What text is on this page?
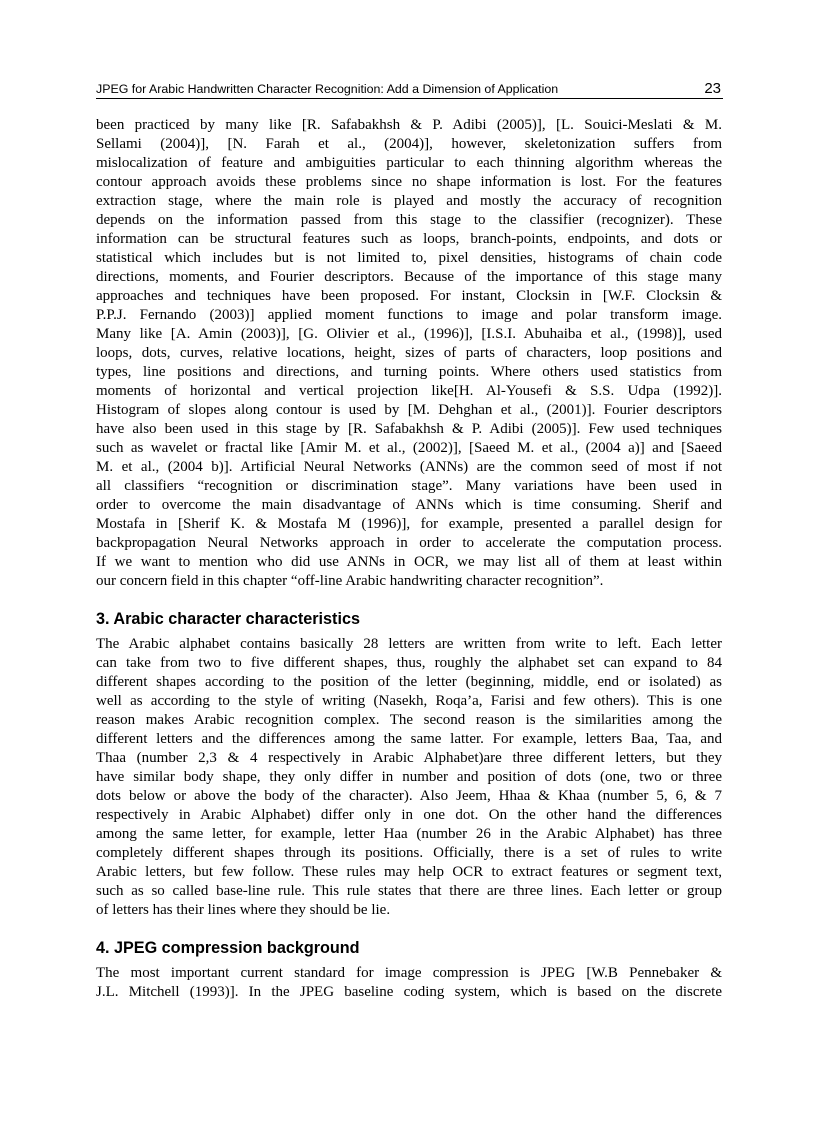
JPEG for Arabic Handwritten Character Recognition: Add a Dimension of Application	23
been practiced by many like [R. Safabakhsh & P. Adibi (2005)], [L. Souici-Meslati & M.
Sellami (2004)], [N. Farah et al., (2004)], however, skeletonization suffers from
mislocalization of feature and ambiguities particular to each thinning algorithm whereas the
contour approach avoids these problems since no shape information is lost. For the features
extraction stage, where the main role is played and mostly the accuracy of recognition
depends on the information passed from this stage to the classifier (recognizer). These
information can be structural features such as loops, branch-points, endpoints, and dots or
statistical which includes but is not limited to, pixel densities, histograms of chain code
directions, moments, and Fourier descriptors. Because of the importance of this stage many
approaches and techniques have been proposed. For instant, Clocksin in [W.F. Clocksin &
P.P.J. Fernando (2003)] applied moment functions to image and polar transform image.
Many like [A. Amin (2003)], [G. Olivier et al., (1996)], [I.S.I. Abuhaiba et al., (1998)], used
loops, dots, curves, relative locations, height, sizes of parts of characters, loop positions and
types, line positions and directions, and turning points. Where others used statistics from
moments of horizontal and vertical projection like[H. Al-Yousefi & S.S. Udpa (1992)].
Histogram of slopes along contour is used by [M. Dehghan et al., (2001)]. Fourier descriptors
have also been used in this stage by [R. Safabakhsh & P. Adibi (2005)]. Few used techniques
such as wavelet or fractal like [Amir M. et al., (2002)], [Saeed M. et al., (2004 a)] and [Saeed
M. et al., (2004 b)]. Artificial Neural Networks (ANNs) are the common seed of most if not
all classifiers “recognition or discrimination stage”. Many variations have been used in
order to overcome the main disadvantage of ANNs which is time consuming. Sherif and
Mostafa in [Sherif K. & Mostafa M (1996)], for example, presented a parallel design for
backpropagation Neural Networks approach in order to accelerate the computation process.
If we want to mention who did use ANNs in OCR, we may list all of them at least within
our concern field in this chapter “off-line Arabic handwriting character recognition”.
3. Arabic character characteristics
The Arabic alphabet contains basically 28 letters are written from write to left. Each letter
can take from two to five different shapes, thus, roughly the alphabet set can expand to 84
different shapes according to the position of the letter (beginning, middle, end or isolated) as
well as according to the style of writing (Nasekh, Roqa’a, Farisi and few others). This is one
reason makes Arabic recognition complex. The second reason is the similarities among the
different letters and the differences among the same latter. For example, letters Baa, Taa, and
Thaa (number 2,3 & 4 respectively in Arabic Alphabet)are three different letters, but they
have similar body shape, they only differ in number and position of dots (one, two or three
dots below or above the body of the character). Also Jeem, Hhaa & Khaa (number 5, 6, & 7
respectively in Arabic Alphabet) differ only in one dot. On the other hand the differences
among the same letter, for example, letter Haa (number 26 in the Arabic Alphabet) has three
completely different shapes through its positions. Officially, there is a set of rules to write
Arabic letters, but few follow. These rules may help OCR to extract features or segment text,
such as so called base-line rule. This rule states that there are three lines. Each letter or group
of letters has their lines where they should be lie.
4. JPEG compression background
The most important current standard for image compression is JPEG [W.B Pennebaker &
J.L. Mitchell (1993)]. In the JPEG baseline coding system, which is based on the discrete
